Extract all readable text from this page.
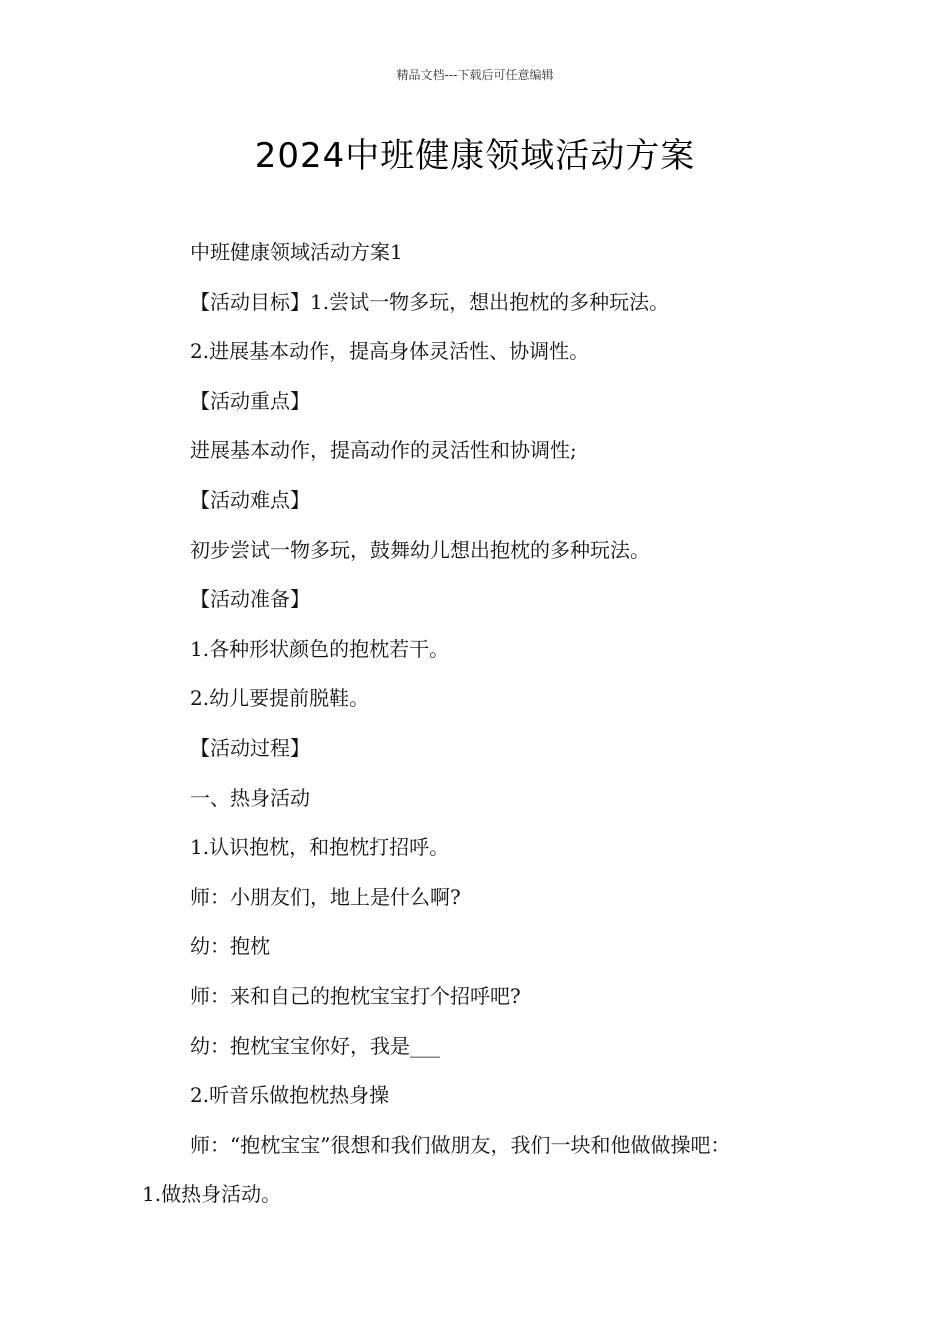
精品文档---下载后可任意编辑
2024中班健康领域活动方案

中班健康领域活动方案1

【活动目标】1.尝试一物多玩，想出抱枕的多种玩法。

2.进展基本动作，提高身体灵活性、协调性。

【活动重点】

进展基本动作，提高动作的灵活性和协调性;

【活动难点】

初步尝试一物多玩，鼓舞幼儿想出抱枕的多种玩法。

【活动准备】

1.各种形状颜色的抱枕若干。

2.幼儿要提前脱鞋。

【活动过程】

一、热身活动

1.认识抱枕，和抱枕打招呼。

师：小朋友们，地上是什么啊?

幼：抱枕

师：来和自己的抱枕宝宝打个招呼吧?

幼：抱枕宝宝你好，我是___

2.听音乐做抱枕热身操

师：“抱枕宝宝”很想和我们做朋友，我们一块和他做做操吧：

1.做热身活动。
